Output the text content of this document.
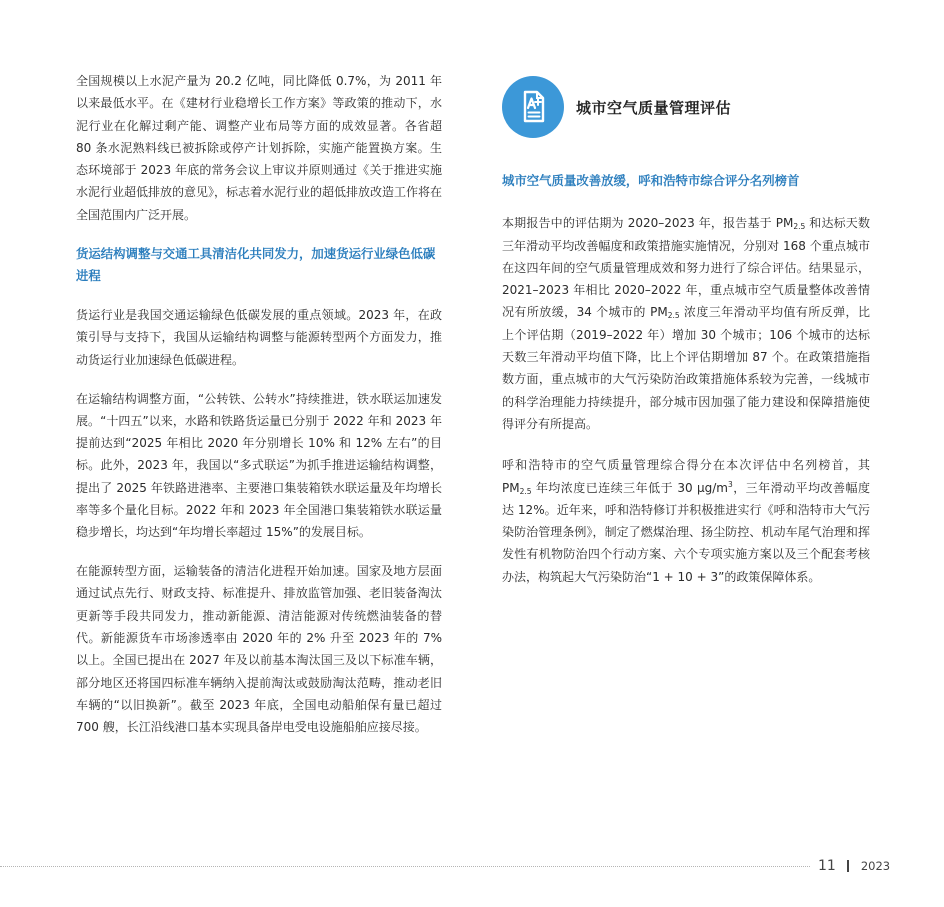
全国规模以上水泥产量为 20.2 亿吨，同比降低 0.7%，为 2011 年以来最低水平。在《建材行业稳增长工作方案》等政策的推动下，水泥行业在化解过剩产能、调整产业布局等方面的成效显著。各省超 80 条水泥熟料线已被拆除或停产计划拆除，实施产能置换方案。生态环境部于 2023 年底的常务会议上审议并原则通过《关于推进实施水泥行业超低排放的意见》，标志着水泥行业的超低排放改造工作将在全国范围内广泛开展。

货运结构调整与交通工具清洁化共同发力，加速货运行业绿色低碳进程

货运行业是我国交通运输绿色低碳发展的重点领域。2023 年，在政策引导与支持下，我国从运输结构调整与能源转型两个方面发力，推动货运行业加速绿色低碳进程。

在运输结构调整方面，“公转铁、公转水”持续推进，铁水联运加速发展。“十四五”以来，水路和铁路货运量已分别于 2022 年和 2023 年提前达到“2025 年相比 2020 年分别增长 10% 和 12% 左右”的目标。此外，2023 年，我国以“多式联运”为抓手推进运输结构调整，提出了 2025 年铁路进港率、主要港口集装箱铁水联运量及年均增长率等多个量化目标。2022 年和 2023 年全国港口集装箱铁水联运量稳步增长，均达到“年均增长率超过 15%”的发展目标。

在能源转型方面，运输装备的清洁化进程开始加速。国家及地方层面通过试点先行、财政支持、标准提升、排放监管加强、老旧装备淘汰更新等手段共同发力，推动新能源、清洁能源对传统燃油装备的替代。新能源货车市场渗透率由 2020 年的 2% 升至 2023 年的 7% 以上。全国已提出在 2027 年及以前基本淘汰国三及以下标准车辆，部分地区还将国四标准车辆纳入提前淘汰或鼓励淘汰范畴，推动老旧车辆的“以旧换新”。截至 2023 年底，全国电动船舶保有量已超过 700 艘，长江沿线港口基本实现具备岸电受电设施船舶应接尽接。

城市空气质量管理评估
城市空气质量改善放缓，呼和浩特市综合评分名列榜首

本期报告中的评估期为 2020–2023 年，报告基于 $PM_{2.5}$ 和达标天数三年滑动平均改善幅度和政策措施实施情况，分别对 168 个重点城市在这四年间的空气质量管理成效和努力进行了综合评估。结果显示，2021–2023 年相比 2020–2022 年，重点城市空气质量整体改善情况有所放缓，34 个城市的 $PM_{2.5}$ 浓度三年滑动平均值有所反弹，比上个评估期（2019–2022 年）增加 30 个城市；106 个城市的达标天数三年滑动平均值下降，比上个评估期增加 87 个。在政策措施指数方面，重点城市的大气污染防治政策措施体系较为完善，一线城市的科学治理能力持续提升，部分城市因加强了能力建设和保障措施使得评分有所提高。

呼和浩特市的空气质量管理综合得分在本次评估中名列榜首，其 $PM_{2.5}$ 年均浓度已连续三年低于 30 $\mu g/m^3$，三年滑动平均改善幅度达 12%。近年来，呼和浩特修订并积极推进实行《呼和浩特市大气污染防治管理条例》，制定了燃煤治理、扬尘防控、机动车尾气治理和挥发性有机物防治四个行动方案、六个专项实施方案以及三个配套考核办法，构筑起大气污染防治“1 + 10 + 3”的政策保障体系。

11 2023
